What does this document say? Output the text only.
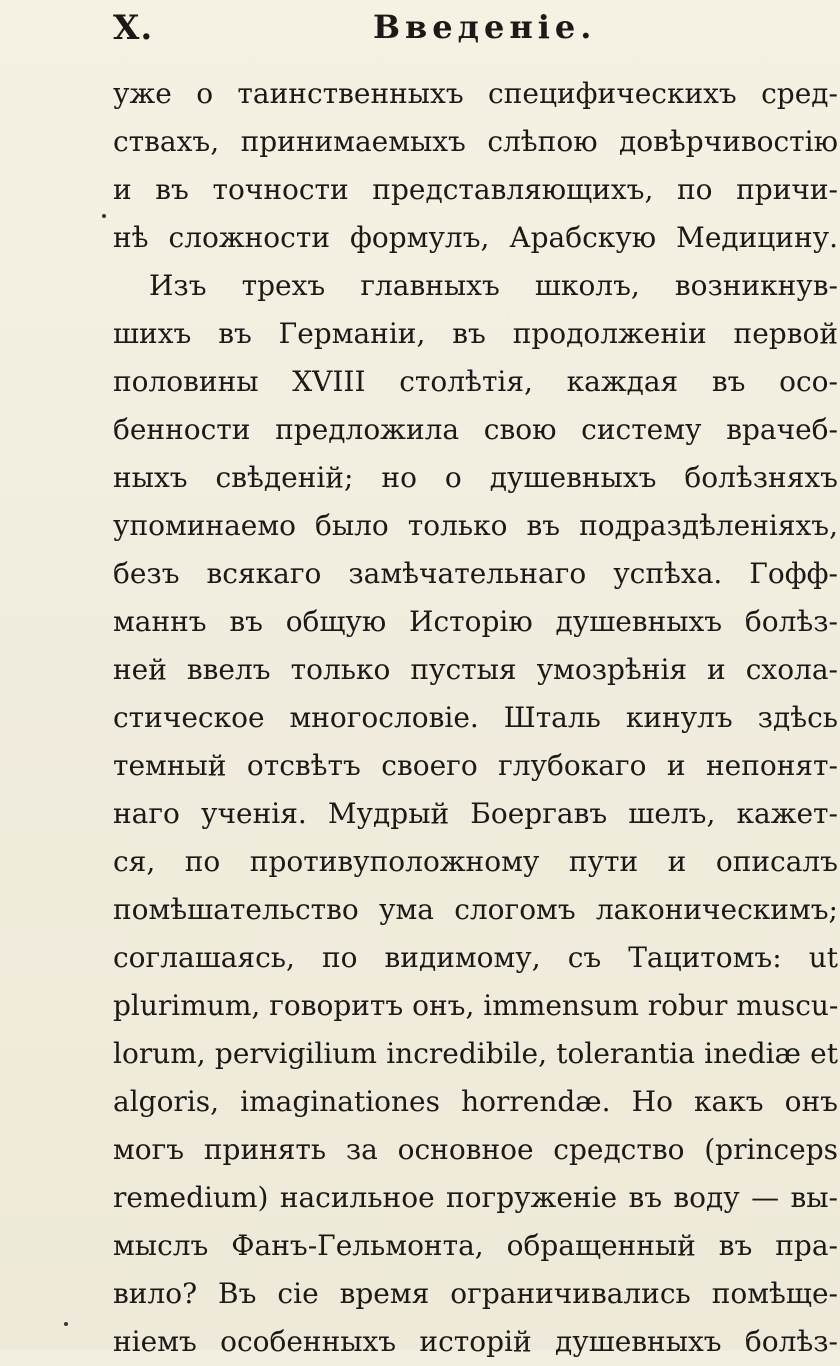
X.	Введенiе.
уже о таинственныхъ специфическихъ сред-
ствахъ, принимаемыхъ слѣпою довѣрчивостiю
и въ точности представляющихъ, по причи-
нѣ сложности формулъ, Арабскую Медицину.
Изъ трехъ главныхъ школъ, возникнув-
шихъ въ Германiи, въ продолженiи первой
половины XVIII столѣтiя, каждая въ осо-
бенности предложила свою систему врачеб-
ныхъ свѣденiй; но о душевныхъ болѣзняхъ
упоминаемо было только въ подраздѣленiяхъ,
безъ всякаго замѣчательнаго успѣха. Гофф-
маннъ въ общую Исторiю душевныхъ болѣз-
ней ввелъ только пустыя умозрѣнiя и схола-
стическое многословiе. Шталь кинулъ здѣсь
темный отсвѣтъ своего глубокаго и непонят-
наго ученiя. Мудрый Боергавъ шелъ, кажет-
ся, по противуположному пути и описалъ
помѣшательство ума слогомъ лаконическимъ;
соглашаясь, по видимому, съ Тацитомъ: ut
plurimum, говоритъ онъ, immensum robur muscu-
lorum, pervigilium incredibile, tolerantia inediæ et
algoris, imaginationes horrendæ. Но какъ онъ
могъ принять за основное средство (princeps
remedium) насильное погруженiе въ воду — вы-
мыслъ Фанъ-Гельмонта, обращенный въ пра-
вило? Въ сiе время ограничивались помѣще-
нiемъ особенныхъ исторiй душевныхъ болѣз-
